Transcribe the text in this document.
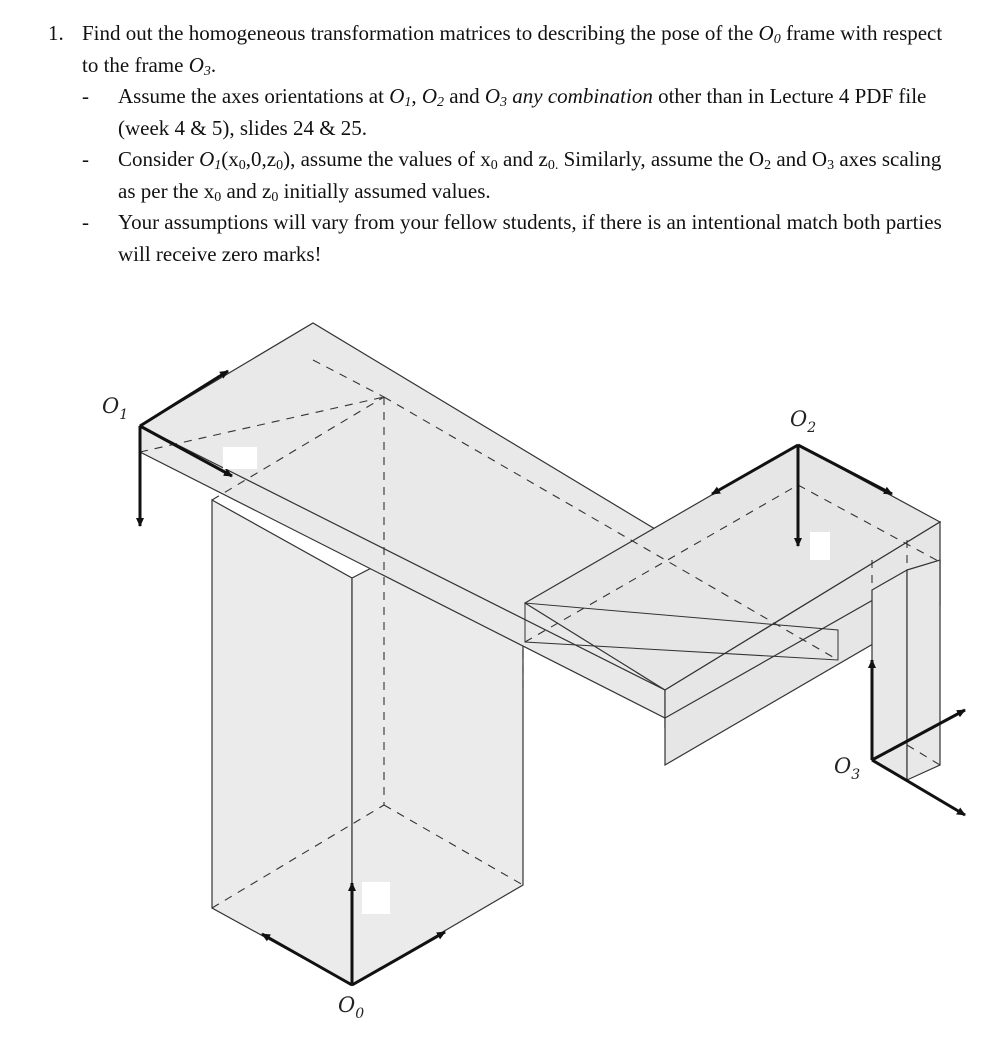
1. Find out the homogeneous transformation matrices to describing the pose of the $O_0$ frame with respect to the frame $O_3$.
- Assume the axes orientations at $O_1$, $O_2$ and $O_3$ any combination other than in Lecture 4 PDF file (week 4 & 5), slides 24 & 25.
- Consider $O_1(x_0,0,z_0)$, assume the values of $x_0$ and $z_{0.}$ Similarly, assume the $O_2$ and $O_3$ axes scaling as per the $x_0$ and $z_0$ initially assumed values.
- Your assumptions will vary from your fellow students, if there is an intentional match both parties will receive zero marks!
$O_1$	$O_2$
$O_3$
$O_0$
